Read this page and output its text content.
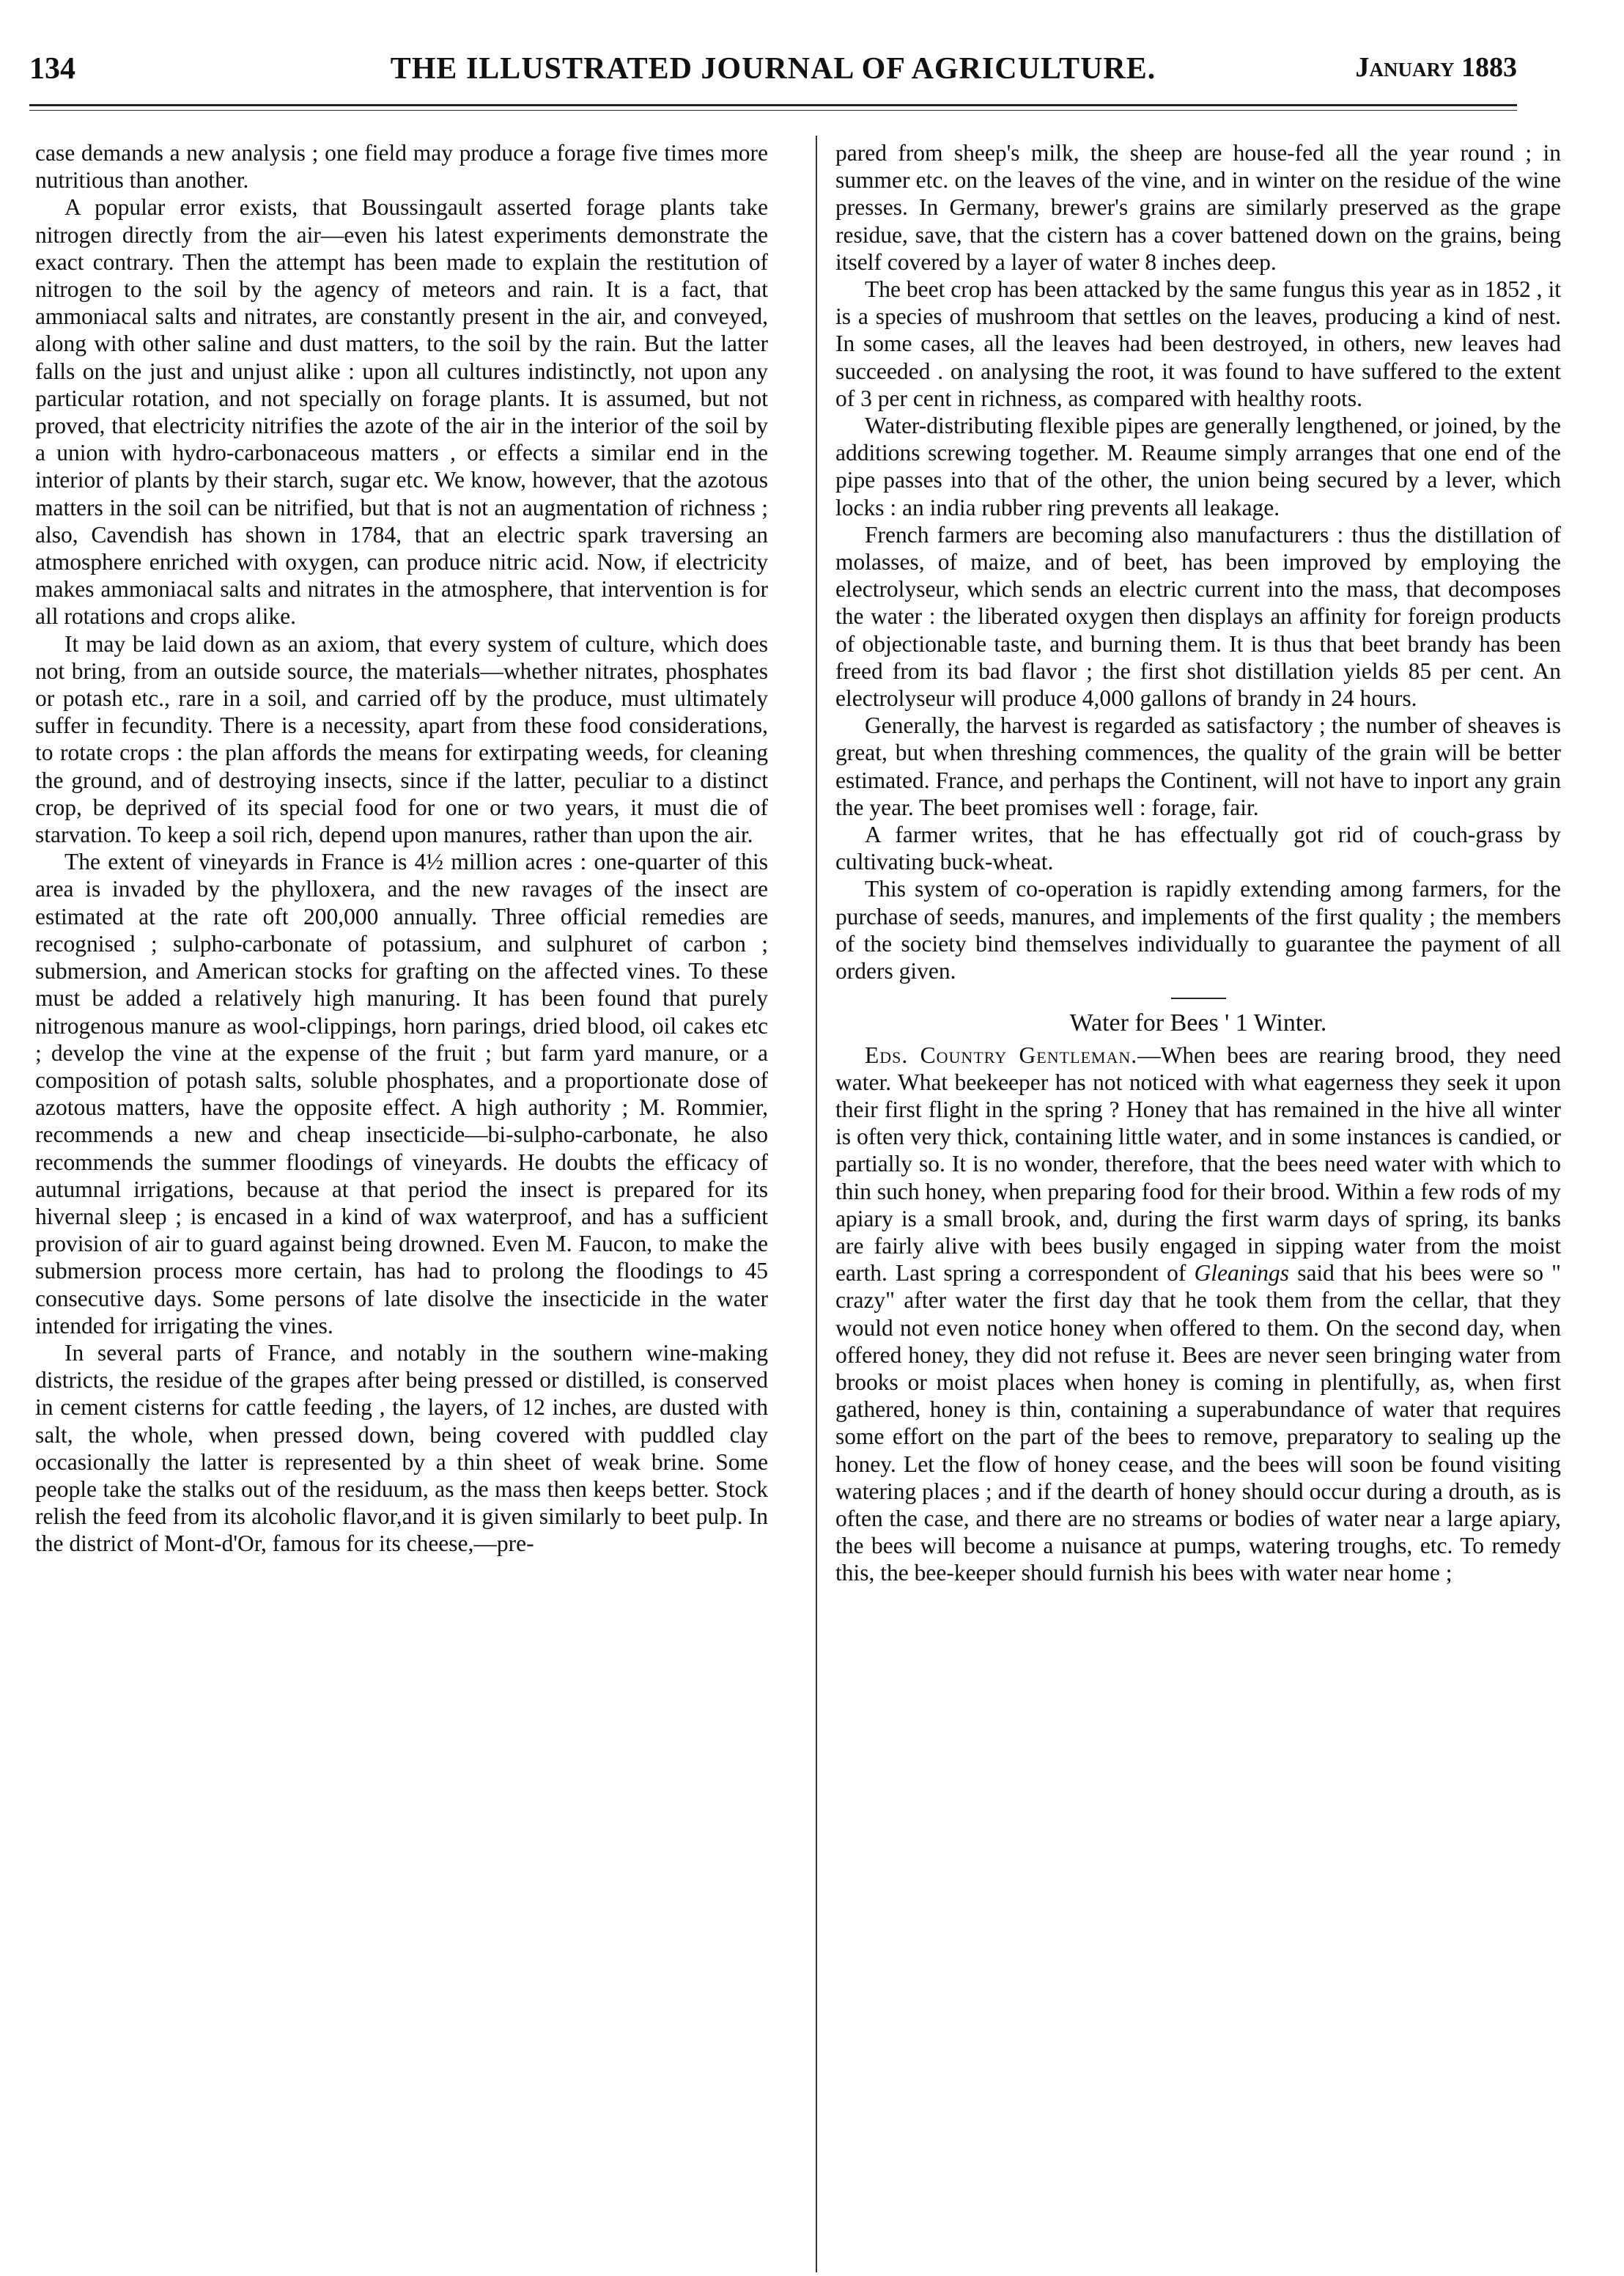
134	THE ILLUSTRATED JOURNAL OF AGRICULTURE.	January 1883

case demands a new analysis ; one field may produce a forage five times more nutritious than another.

A popular error exists, that Boussingault asserted forage plants take nitrogen directly from the air—even his latest experiments demonstrate the exact contrary. Then the attempt has been made to explain the restitution of nitrogen to the soil by the agency of meteors and rain. It is a fact, that ammoniacal salts and nitrates, are constantly present in the air, and conveyed, along with other saline and dust matters, to the soil by the rain. But the latter falls on the just and unjust alike : upon all cultures indistinctly, not upon any particular rotation, and not specially on forage plants. It is assumed, but not proved, that electricity nitrifies the azote of the air in the interior of the soil by a union with hydro-carbonaceous matters , or effects a similar end in the interior of plants by their starch, sugar etc. We know, however, that the azotous matters in the soil can be nitrified, but that is not an augmentation of richness ; also, Cavendish has shown in 1784, that an electric spark traversing an atmosphere enriched with oxygen, can produce nitric acid. Now, if electricity makes ammoniacal salts and nitrates in the atmosphere, that intervention is for all rotations and crops alike.

It may be laid down as an axiom, that every system of culture, which does not bring, from an outside source, the materials—whether nitrates, phosphates or potash etc., rare in a soil, and carried off by the produce, must ultimately suffer in fecundity. There is a necessity, apart from these food considerations, to rotate crops : the plan affords the means for extirpating weeds, for cleaning the ground, and of destroying insects, since if the latter, peculiar to a distinct crop, be deprived of its special food for one or two years, it must die of starvation. To keep a soil rich, depend upon manures, rather than upon the air.

The extent of vineyards in France is 4½ million acres : one-quarter of this area is invaded by the phylloxera, and the new ravages of the insect are estimated at the rate oft 200,000 annually. Three official remedies are recognised ; sulpho-carbonate of potassium, and sulphuret of carbon ; submersion, and American stocks for grafting on the affected vines. To these must be added a relatively high manuring. It has been found that purely nitrogenous manure as wool-clippings, horn parings, dried blood, oil cakes etc ; develop the vine at the expense of the fruit ; but farm yard manure, or a composition of potash salts, soluble phosphates, and a proportionate dose of azotous matters, have the opposite effect. A high authority ; M. Rommier, recommends a new and cheap insecticide—bi-sulpho-carbonate, he also recommends the summer floodings of vineyards. He doubts the efficacy of autumnal irrigations, because at that period the insect is prepared for its hivernal sleep ; is encased in a kind of wax waterproof, and has a sufficient provision of air to guard against being drowned. Even M. Faucon, to make the submersion process more certain, has had to prolong the floodings to 45 consecutive days. Some persons of late disolve the insecticide in the water intended for irrigating the vines.

In several parts of France, and notably in the southern wine-making districts, the residue of the grapes after being pressed or distilled, is conserved in cement cisterns for cattle feeding , the layers, of 12 inches, are dusted with salt, the whole, when pressed down, being covered with puddled clay occasionally the latter is represented by a thin sheet of weak brine. Some people take the stalks out of the residuum, as the mass then keeps better. Stock relish the feed from its alcoholic flavor,and it is given similarly to beet pulp. In the district of Mont-d'Or, famous for its cheese,—pre-

pared from sheep's milk, the sheep are house-fed all the year round ; in summer etc. on the leaves of the vine, and in winter on the residue of the wine presses. In Germany, brewer's grains are similarly preserved as the grape residue, save, that the cistern has a cover battened down on the grains, being itself covered by a layer of water 8 inches deep.

The beet crop has been attacked by the same fungus this year as in 1852 , it is a species of mushroom that settles on the leaves, producing a kind of nest. In some cases, all the leaves had been destroyed, in others, new leaves had succeeded . on analysing the root, it was found to have suffered to the extent of 3 per cent in richness, as compared with healthy roots.

Water-distributing flexible pipes are generally lengthened, or joined, by the additions screwing together. M. Reaume simply arranges that one end of the pipe passes into that of the other, the union being secured by a lever, which locks : an india rubber ring prevents all leakage.

French farmers are becoming also manufacturers : thus the distillation of molasses, of maize, and of beet, has been improved by employing the electrolyseur, which sends an electric current into the mass, that decomposes the water : the liberated oxygen then displays an affinity for foreign products of objectionable taste, and burning them. It is thus that beet brandy has been freed from its bad flavor ; the first shot distillation yields 85 per cent. An electrolyseur will produce 4,000 gallons of brandy in 24 hours.

Generally, the harvest is regarded as satisfactory ; the number of sheaves is great, but when threshing commences, the quality of the grain will be better estimated. France, and perhaps the Continent, will not have to inport any grain the year. The beet promises well : forage, fair.

A farmer writes, that he has effectually got rid of couch-grass by cultivating buck-wheat.

This system of co-operation is rapidly extending among farmers, for the purchase of seeds, manures, and implements of the first quality ; the members of the society bind themselves individually to guarantee the payment of all orders given.

Water for Bees ' 1 Winter.

Eds. Country Gentleman.—When bees are rearing brood, they need water. What beekeeper has not noticed with what eagerness they seek it upon their first flight in the spring ? Honey that has remained in the hive all winter is often very thick, containing little water, and in some instances is candied, or partially so. It is no wonder, therefore, that the bees need water with which to thin such honey, when preparing food for their brood. Within a few rods of my apiary is a small brook, and, during the first warm days of spring, its banks are fairly alive with bees busily engaged in sipping water from the moist earth. Last spring a correspondent of Gleanings said that his bees were so " crazy" after water the first day that he took them from the cellar, that they would not even notice honey when offered to them. On the second day, when offered honey, they did not refuse it. Bees are never seen bringing water from brooks or moist places when honey is coming in plentifully, as, when first gathered, honey is thin, containing a superabundance of water that requires some effort on the part of the bees to remove, preparatory to sealing up the honey. Let the flow of honey cease, and the bees will soon be found visiting watering places ; and if the dearth of honey should occur during a drouth, as is often the case, and there are no streams or bodies of water near a large apiary, the bees will become a nuisance at pumps, watering troughs, etc. To remedy this, the bee-keeper should furnish his bees with water near home ;
